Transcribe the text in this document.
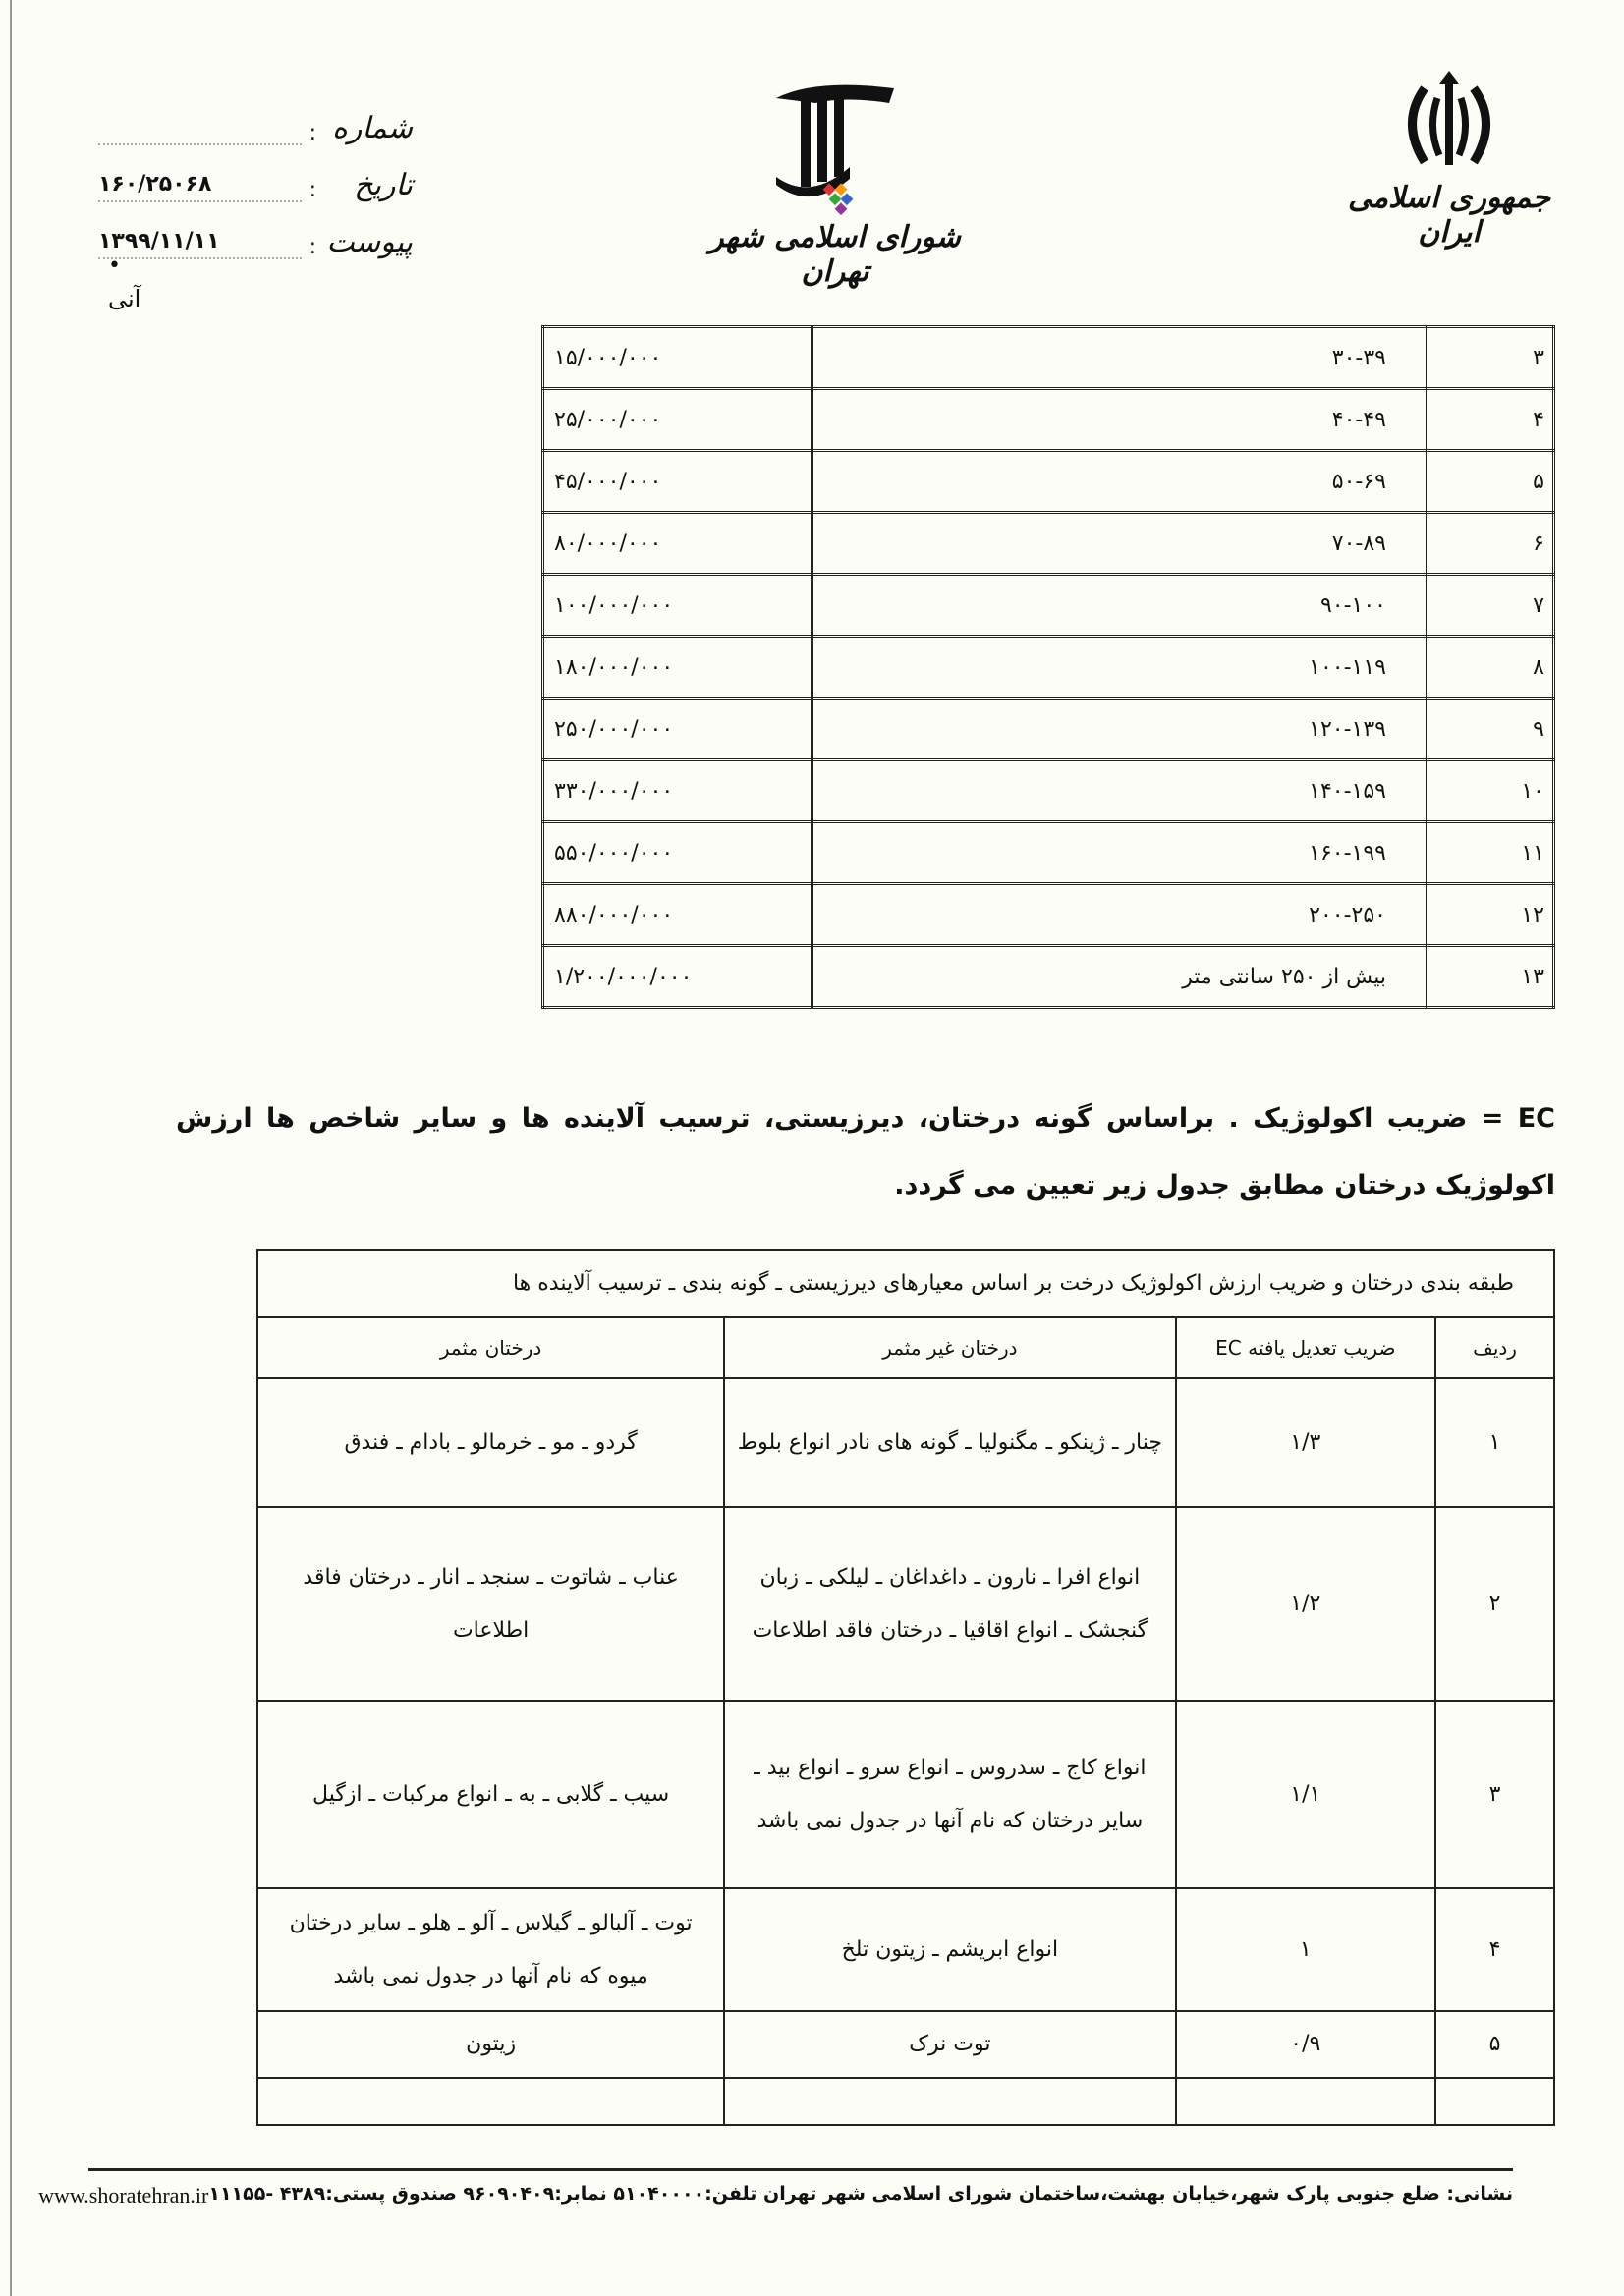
شماره
:
تاریخ
:
۱۶۰/۲۵۰۶۸
پیوست
:
۱۳۹۹/۱۱/۱۱
•
آنی
شورای اسلامی شهر تهران
جمهوری اسلامی ایران
۳	۳۰-۳۹	۱۵/۰۰۰/۰۰۰
۴	۴۰-۴۹	۲۵/۰۰۰/۰۰۰
۵	۵۰-۶۹	۴۵/۰۰۰/۰۰۰
۶	۷۰-۸۹	۸۰/۰۰۰/۰۰۰
۷	۹۰-۱۰۰	۱۰۰/۰۰۰/۰۰۰
۸	۱۰۰-۱۱۹	۱۸۰/۰۰۰/۰۰۰
۹	۱۲۰-۱۳۹	۲۵۰/۰۰۰/۰۰۰
۱۰	۱۴۰-۱۵۹	۳۳۰/۰۰۰/۰۰۰
۱۱	۱۶۰-۱۹۹	۵۵۰/۰۰۰/۰۰۰
۱۲	۲۰۰-۲۵۰	۸۸۰/۰۰۰/۰۰۰
۱۳	بیش از ۲۵۰ سانتی متر	۱/۲۰۰/۰۰۰/۰۰۰
EC = ضریب اکولوژیک . براساس گونه درختان، دیرزیستی، ترسیب آلاینده ها و سایر شاخص ها ارزش اکولوژیک درختان مطابق جدول زیر تعیین می گردد.
طبقه بندی درختان و ضریب ارزش اکولوژیک درخت بر اساس معیارهای دیرزیستی ـ گونه بندی ـ ترسیب آلاینده ها			
ردیف	ضریب تعدیل یافته EC	درختان غیر مثمر	درختان مثمر
۱	۱/۳	چنار ـ ژینکو ـ مگنولیا ـ گونه های نادر انواع بلوط	گردو ـ مو ـ خرمالو ـ بادام ـ فندق
۲	۱/۲	انواع افرا ـ نارون ـ داغداغان ـ لیلکی ـ زبان گنجشک ـ انواع اقاقیا ـ درختان فاقد اطلاعات	عناب ـ شاتوت ـ سنجد ـ انار ـ درختان فاقد اطلاعات
۳	۱/۱	انواع کاج ـ سدروس ـ انواع سرو ـ انواع بید ـ سایر درختان که نام آنها در جدول نمی باشد	سیب ـ گلابی ـ به ـ انواع مرکبات ـ ازگیل
۴	۱	انواع ابریشم ـ زیتون تلخ	توت ـ آلبالو ـ گیلاس ـ آلو ـ هلو ـ سایر درختان میوه که نام آنها در جدول نمی باشد
۵	۰/۹	توت نرک	زیتون

نشانی: ضلع جنوبی پارک شهر،خیابان بهشت،ساختمان شورای اسلامی شهر تهران تلفن:۵۱۰۴۰۰۰۰ نمابر:۹۶۰۹۰۴۰۹ صندوق پستی:۴۳۸۹ -۱۱۱۵۵
www.shoratehran.ir
